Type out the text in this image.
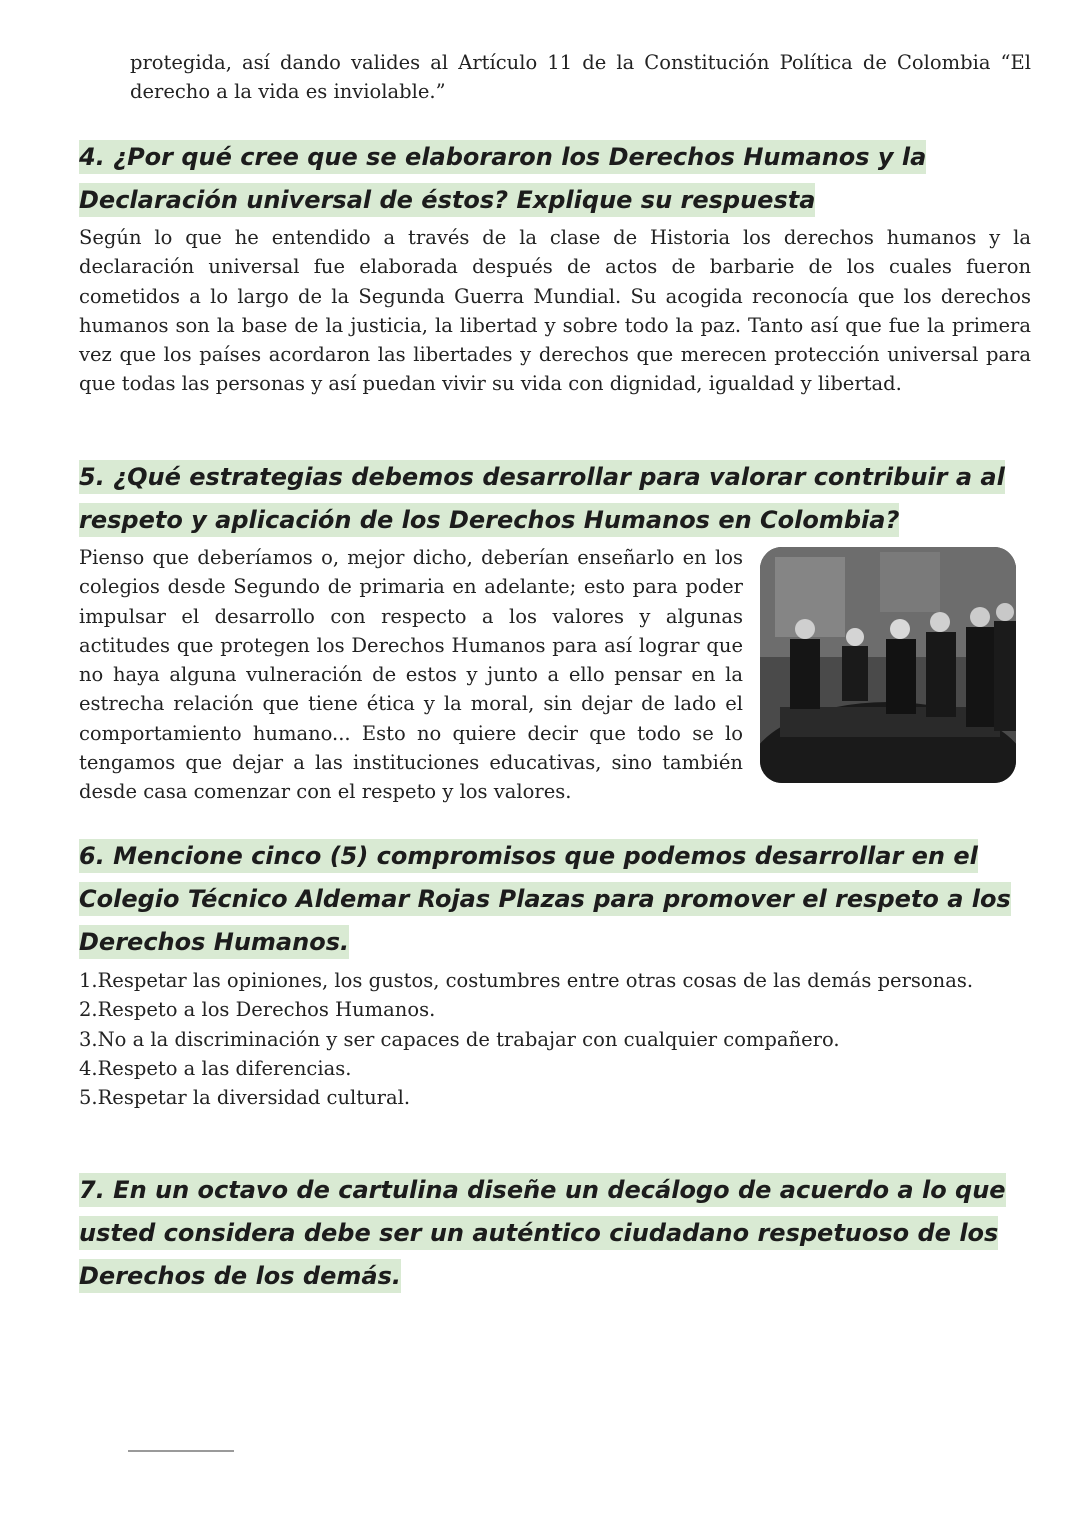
protegida, así dando valides al Artículo 11 de la Constitución Política de Colombia “El derecho a la vida es inviolable.”

4. ¿Por qué cree que se elaboraron los Derechos Humanos y la Declaración universal de éstos? Explique su respuesta

Según lo que he entendido a través de la clase de Historia los derechos humanos y la declaración universal fue elaborada después de actos de barbarie de los cuales fueron cometidos a lo largo de la Segunda Guerra Mundial. Su acogida reconocía que los derechos humanos son la base de la justicia, la libertad y sobre todo la paz. Tanto así que fue la primera vez que los países acordaron las libertades y derechos que merecen protección universal para que todas las personas y así puedan vivir su vida con dignidad, igualdad y libertad.

5. ¿Qué estrategias debemos desarrollar para valorar contribuir a al respeto y aplicación de los Derechos Humanos en Colombia?

Pienso que deberíamos o, mejor dicho, deberían enseñarlo en los colegios desde Segundo de primaria en adelante; esto para poder impulsar el desarrollo con respecto a los valores y algunas actitudes que protegen los Derechos Humanos para así lograr que no haya alguna vulneración de estos y junto a ello pensar en la estrecha relación que tiene ética y la moral, sin dejar de lado el comportamiento humano... Esto no quiere decir que todo se lo tengamos que dejar a las instituciones educativas, sino también desde casa comenzar con el respeto y los valores.

6. Mencione cinco (5) compromisos que podemos desarrollar en el Colegio Técnico Aldemar Rojas Plazas para promover el respeto a los Derechos Humanos.
1.Respetar las opiniones, los gustos, costumbres entre otras cosas de las demás personas.
2.Respeto a los Derechos Humanos.
3.No a la discriminación y ser capaces de trabajar con cualquier compañero.
4.Respeto a las diferencias.
5.Respetar la diversidad cultural.
7. En un octavo de cartulina diseñe un decálogo de acuerdo a lo que usted considera debe ser un auténtico ciudadano respetuoso de los Derechos de los demás.
